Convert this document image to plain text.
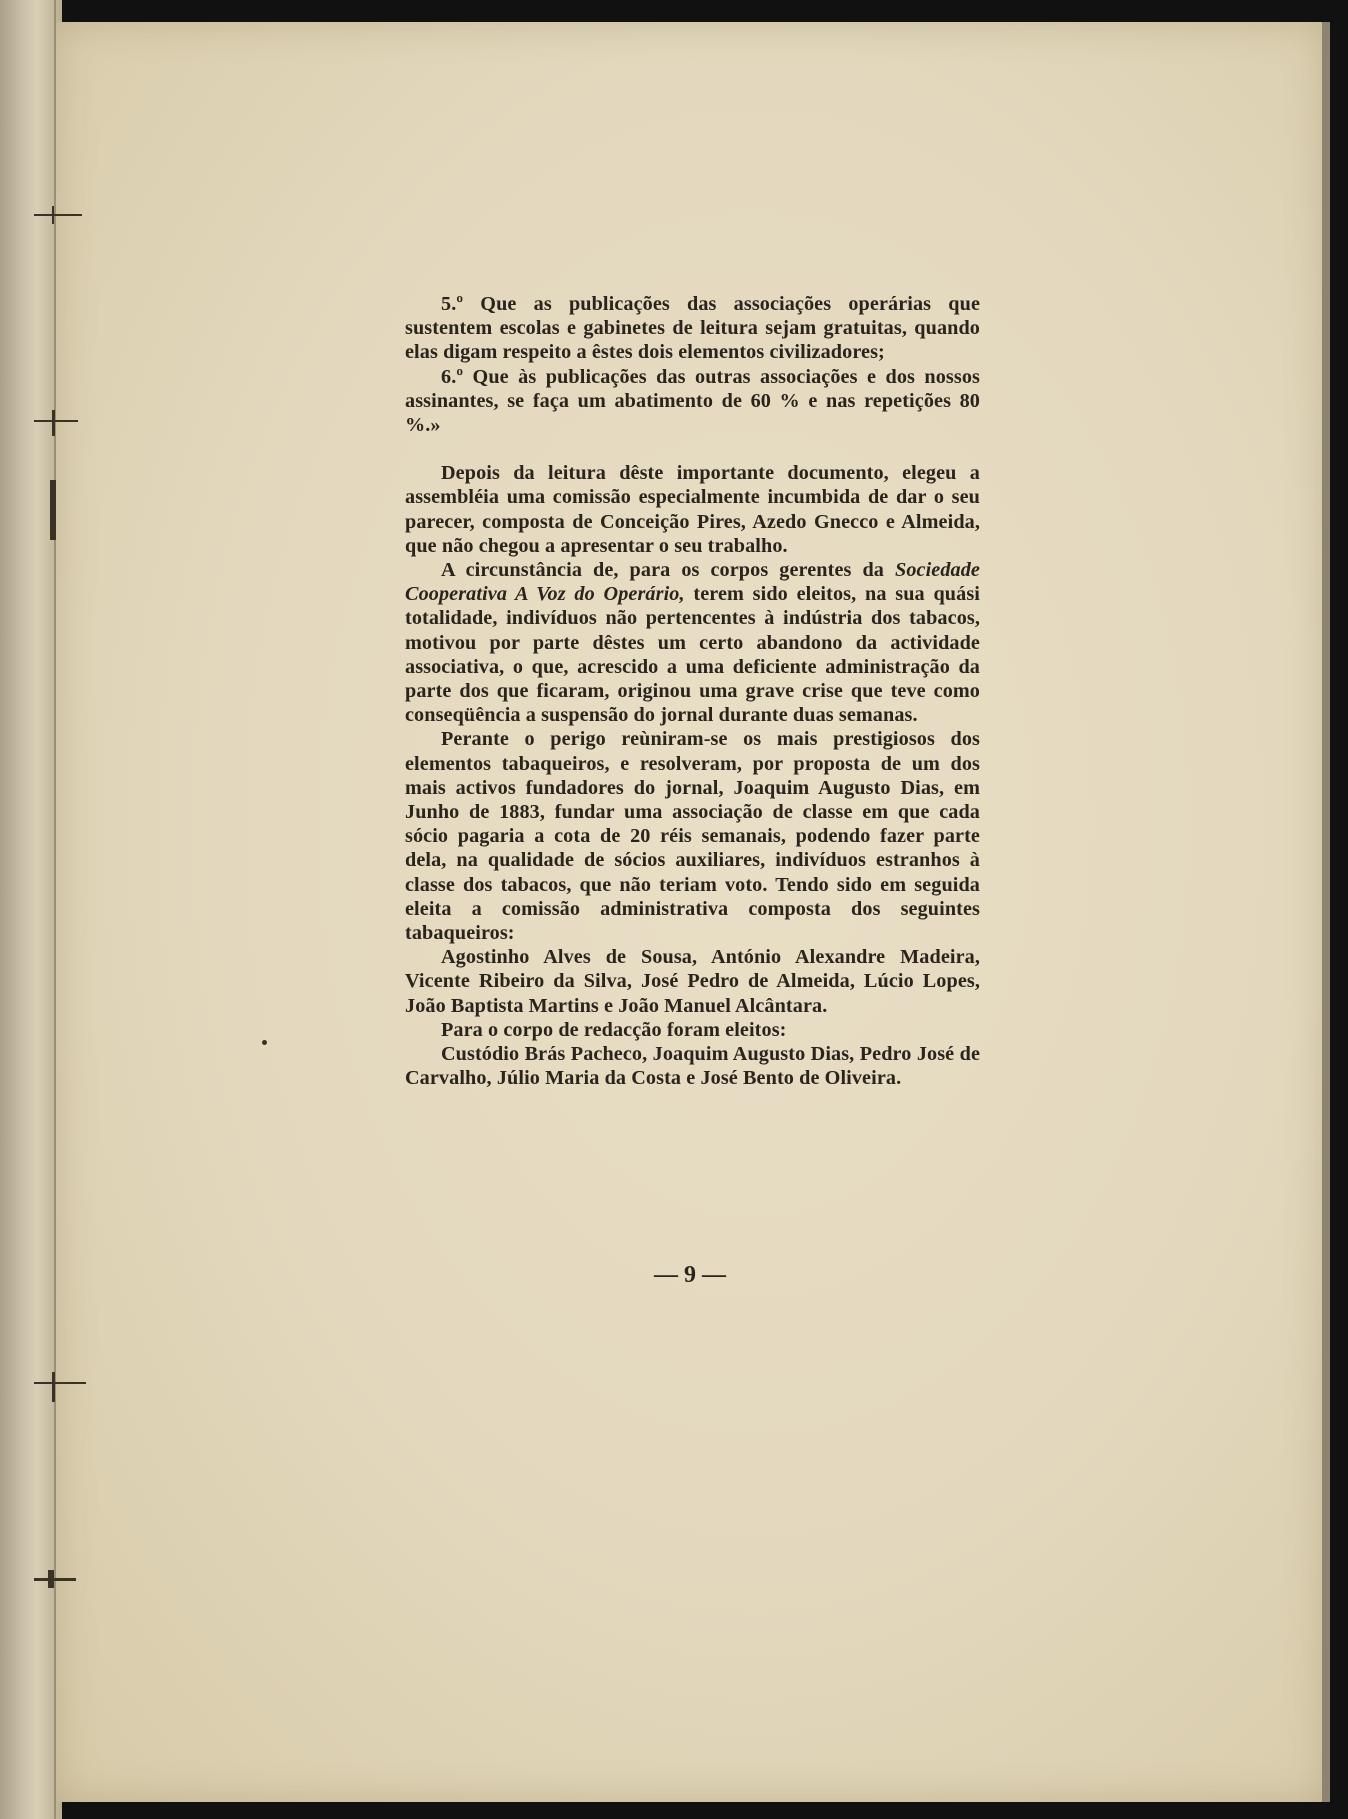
5.º Que as publicações das associações operárias que sustentem escolas e gabinetes de leitura sejam gratuitas, quando elas digam respeito a êstes dois elementos civilizadores;

6.º Que às publicações das outras associações e dos nossos assinantes, se faça um abatimento de 60 % e nas repetições 80 %.»

Depois da leitura dêste importante documento, elegeu a assembléia uma comissão especialmente incumbida de dar o seu parecer, composta de Conceição Pires, Azedo Gnecco e Almeida, que não chegou a apresentar o seu trabalho.

A circunstância de, para os corpos gerentes da Sociedade Cooperativa A Voz do Operário, terem sido eleitos, na sua quási totalidade, indivíduos não pertencentes à indústria dos tabacos, motivou por parte dêstes um certo abandono da actividade associativa, o que, acrescido a uma deficiente administração da parte dos que ficaram, originou uma grave crise que teve como conseqüência a suspensão do jornal durante duas semanas.

Perante o perigo reùniram-se os mais prestigiosos dos elementos tabaqueiros, e resolveram, por proposta de um dos mais activos fundadores do jornal, Joaquim Augusto Dias, em Junho de 1883, fundar uma associação de classe em que cada sócio pagaria a cota de 20 réis semanais, podendo fazer parte dela, na qualidade de sócios auxiliares, indivíduos estranhos à classe dos tabacos, que não teriam voto. Tendo sido em seguida eleita a comissão administrativa composta dos seguintes tabaqueiros:

Agostinho Alves de Sousa, António Alexandre Madeira, Vicente Ribeiro da Silva, José Pedro de Almeida, Lúcio Lopes, João Baptista Martins e João Manuel Alcântara.

Para o corpo de redacção foram eleitos:

Custódio Brás Pacheco, Joaquim Augusto Dias, Pedro José de Carvalho, Júlio Maria da Costa e José Bento de Oliveira.

— 9 —
